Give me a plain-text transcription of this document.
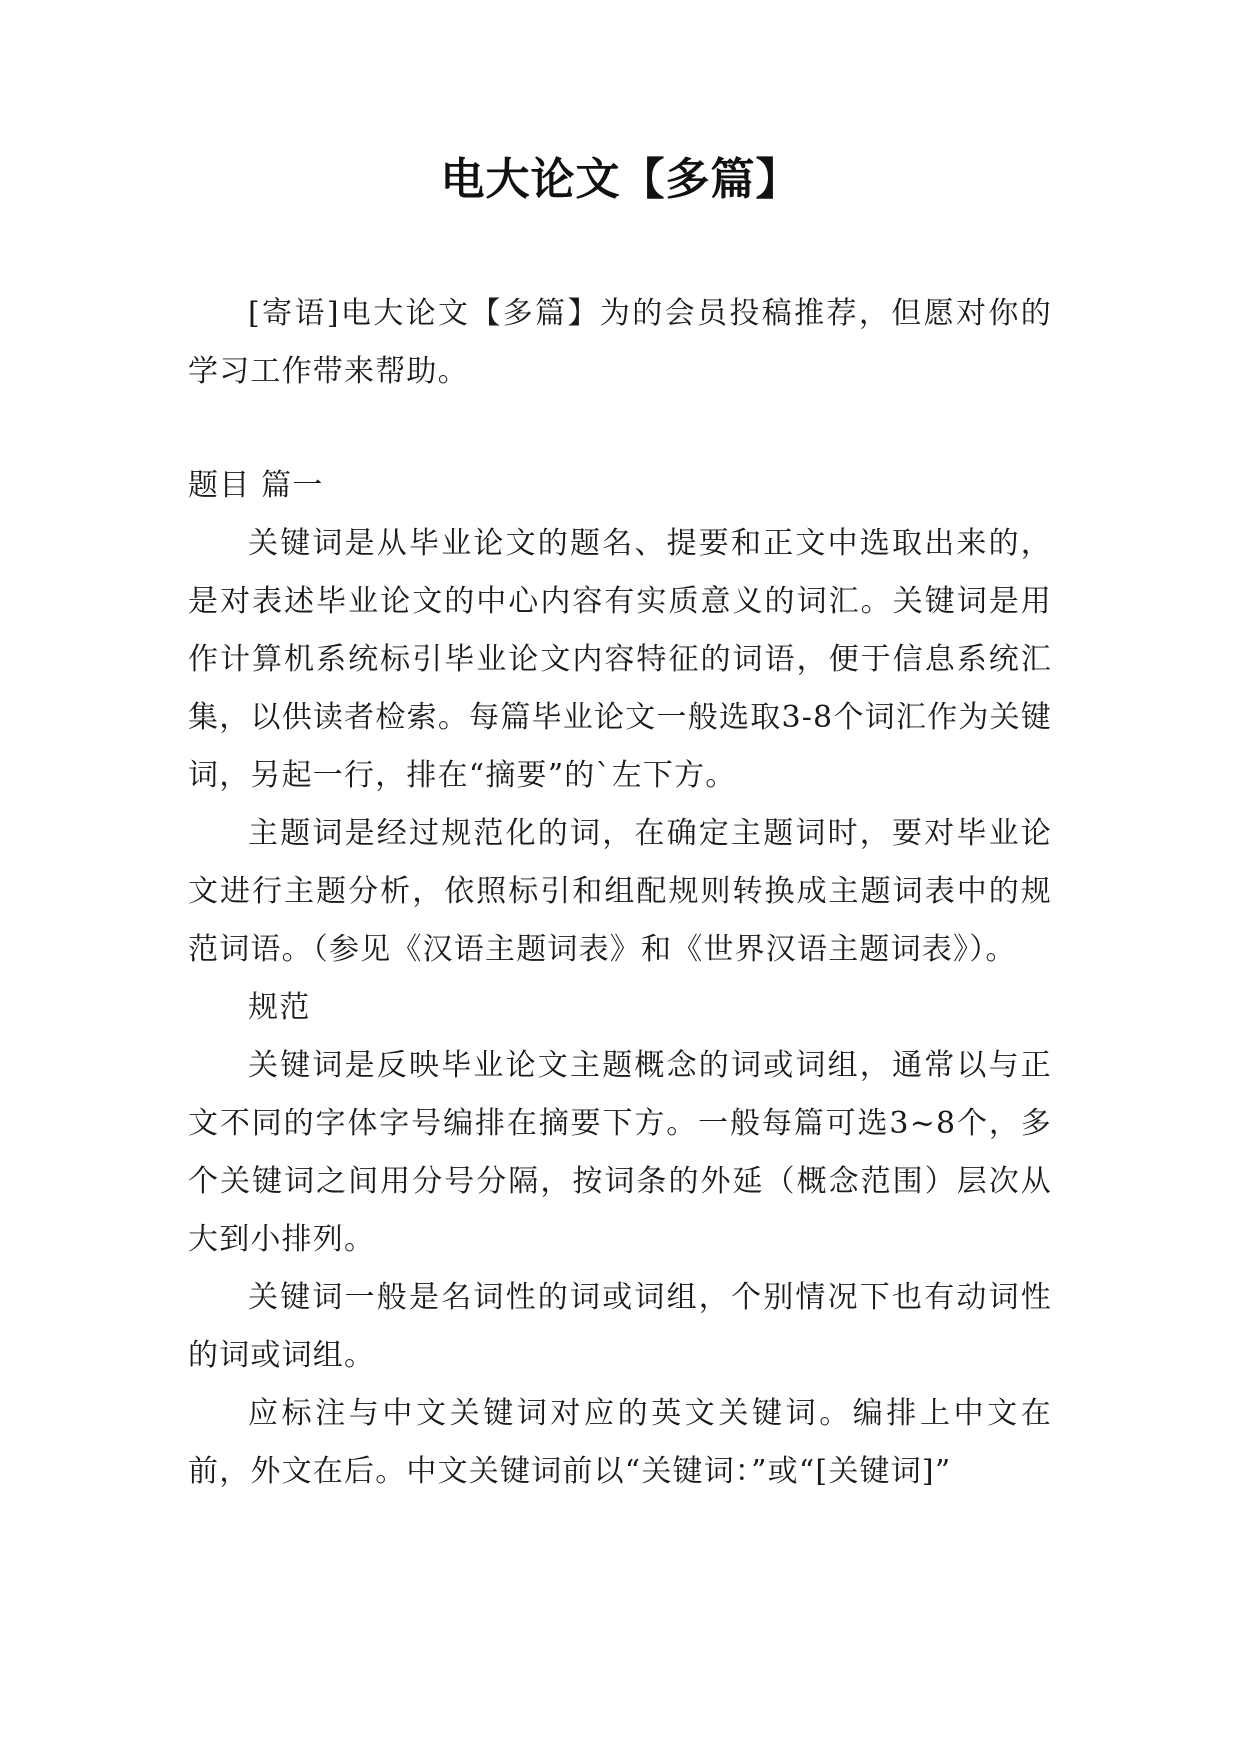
电大论文【多篇】

[寄语]电大论文【多篇】为的会员投稿推荐，但愿对你的学习工作带来帮助。

题目 篇一

关键词是从毕业论文的题名、提要和正文中选取出来的，是对表述毕业论文的中心内容有实质意义的词汇。关键词是用作计算机系统标引毕业论文内容特征的词语，便于信息系统汇集，以供读者检索。每篇毕业论文一般选取3-8个词汇作为关键词，另起一行，排在“摘要”的`左下方。

主题词是经过规范化的词，在确定主题词时，要对毕业论文进行主题分析，依照标引和组配规则转换成主题词表中的规范词语。（参见《汉语主题词表》和《世界汉语主题词表》）。

规范

关键词是反映毕业论文主题概念的词或词组，通常以与正文不同的字体字号编排在摘要下方。一般每篇可选3~8个，多个关键词之间用分号分隔，按词条的外延（概念范围）层次从大到小排列。

关键词一般是名词性的词或词组，个别情况下也有动词性的词或词组。

应标注与中文关键词对应的英文关键词。编排上中文在前，外文在后。中文关键词前以“关键词：”或“[关键词]”
